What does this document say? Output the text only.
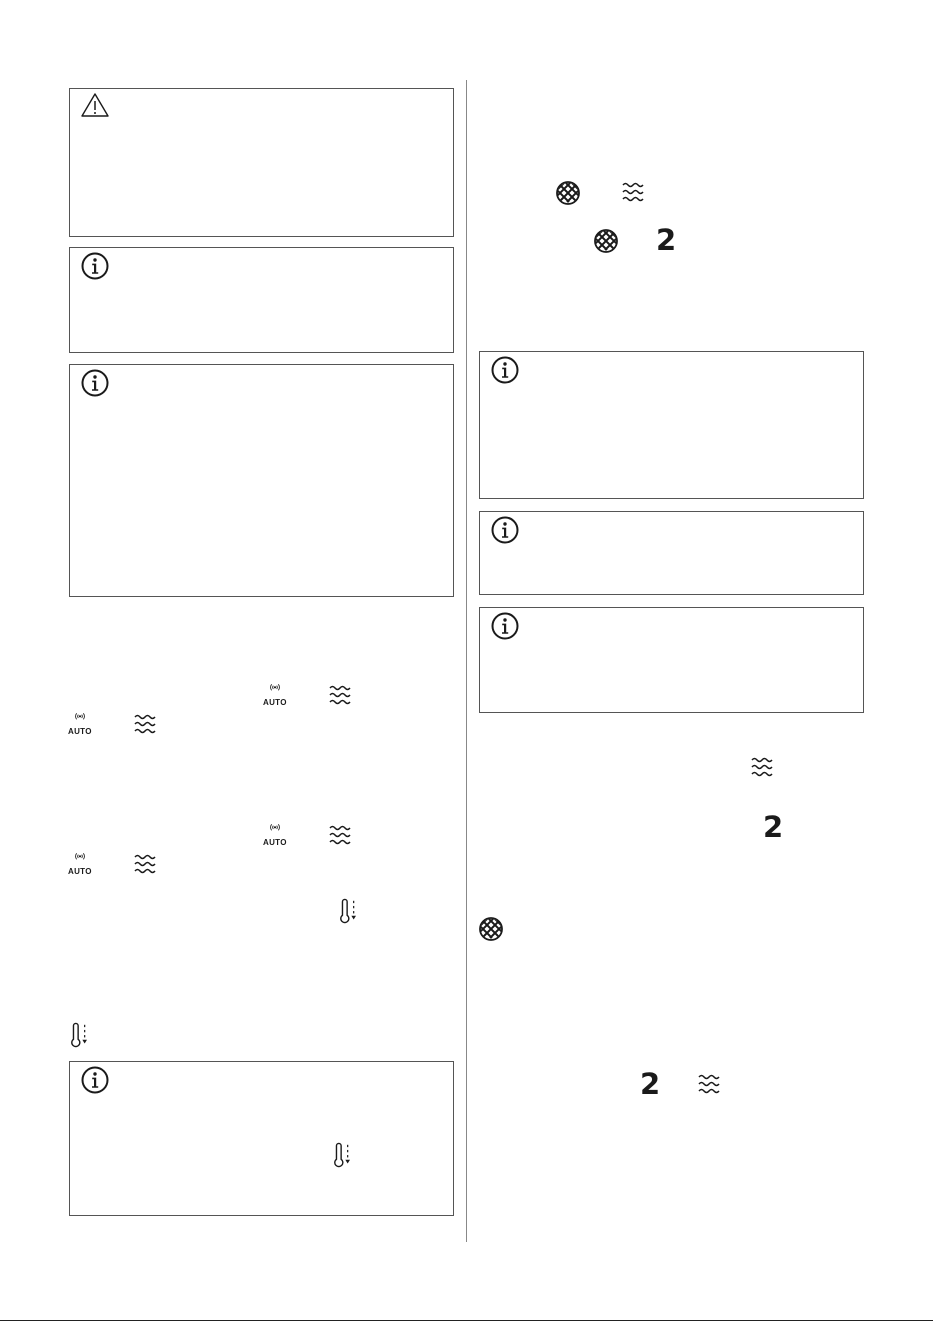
AUTO
AUTO
AUTO
AUTO
2
2
2
